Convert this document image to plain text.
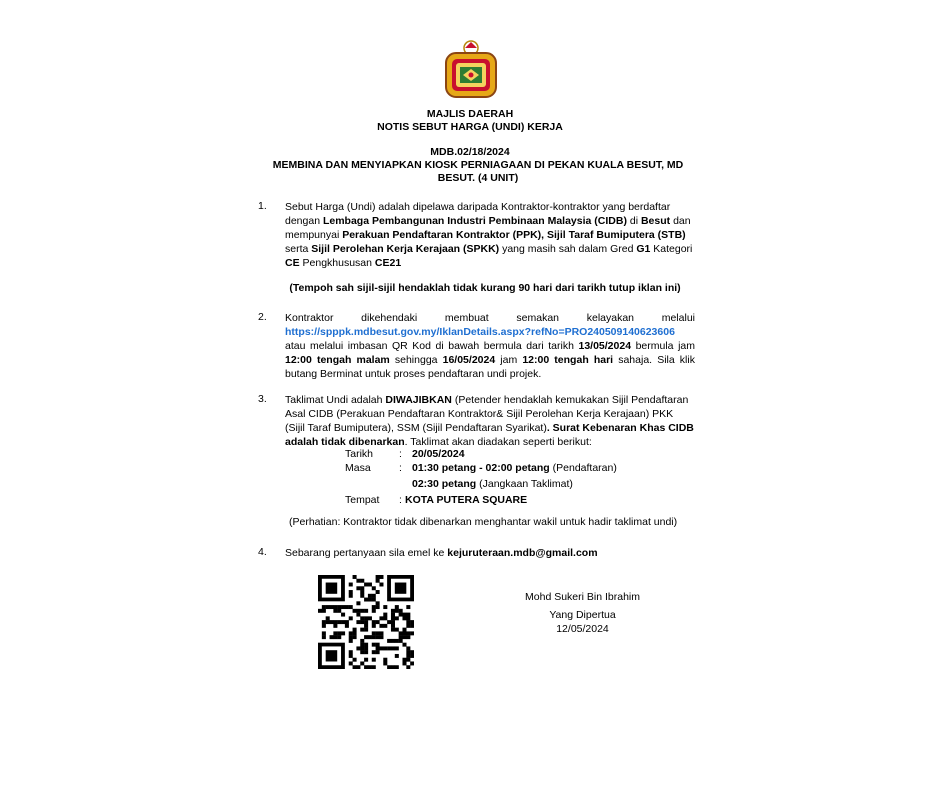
MAJLIS DAERAH
NOTIS SEBUT HARGA (UNDI) KERJA
MDB.02/18/2024
MEMBINA DAN MENYIAPKAN KIOSK PERNIAGAAN DI PEKAN KUALA BESUT, MD BESUT. (4 UNIT)
1. Sebut Harga (Undi) adalah dipelawa daripada Kontraktor-kontraktor yang berdaftar dengan Lembaga Pembangunan Industri Pembinaan Malaysia (CIDB) di Besut dan mempunyai Perakuan Pendaftaran Kontraktor (PPK), Sijil Taraf Bumiputera (STB) serta Sijil Perolehan Kerja Kerajaan (SPKK) yang masih sah dalam Gred G1 Kategori CE Pengkhususan CE21
(Tempoh sah sijil-sijil hendaklah tidak kurang 90 hari dari tarikh tutup iklan ini)
2. Kontraktor dikehendaki membuat semakan kelayakan melalui https://spppk.mdbesut.gov.my/IklanDetails.aspx?refNo=PRO240509140623606 atau melalui imbasan QR Kod di bawah bermula dari tarikh 13/05/2024 bermula jam 12:00 tengah malam sehingga 16/05/2024 jam 12:00 tengah hari sahaja. Sila klik butang Berminat untuk proses pendaftaran undi projek.
3. Taklimat Undi adalah DIWAJIBKAN (Petender hendaklah kemukakan Sijil Pendaftaran Asal CIDB (Perakuan Pendaftaran Kontraktor& Sijil Perolehan Kerja Kerajaan) PKK (Sijil Taraf Bumiputera), SSM (Sijil Pendaftaran Syarikat). Surat Kebenaran Khas CIDB adalah tidak dibenarkan. Taklimat akan diadakan seperti berikut:
Tarikh : 20/05/2024
Masa	: 01:30 petang - 02:00 petang (Pendaftaran)
02:30 petang (Jangkaan Taklimat)
Tempat : KOTA PUTERA SQUARE
(Perhatian: Kontraktor tidak dibenarkan menghantar wakil untuk hadir taklimat undi)
4. Sebarang pertanyaan sila emel ke kejuruteraan.mdb@gmail.com
Mohd Sukeri Bin Ibrahim
Yang Dipertua
12/05/2024
